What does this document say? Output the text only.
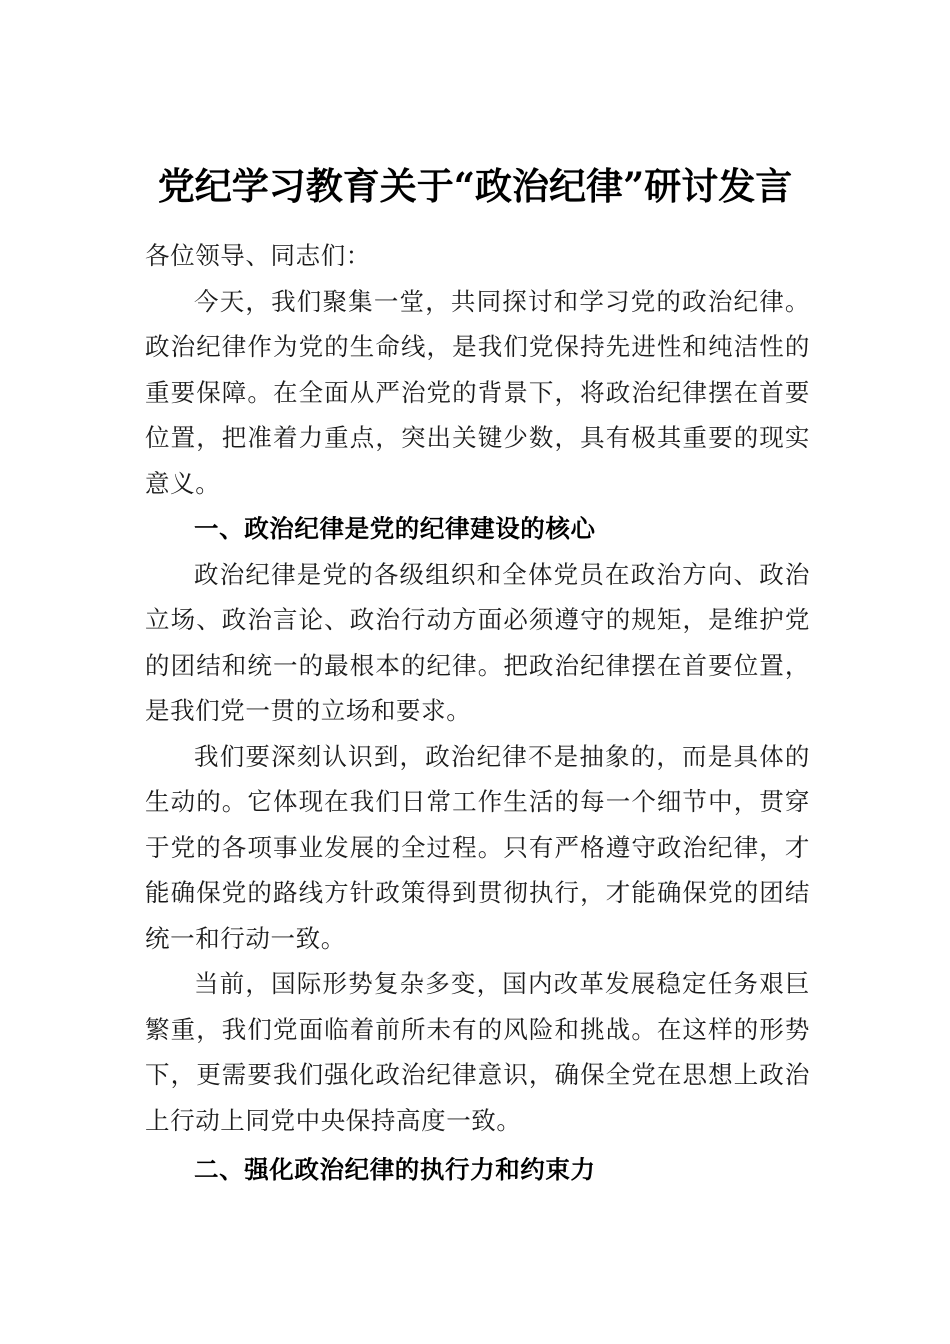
党纪学习教育关于“政治纪律”研讨发言

各位领导、同志们：

今天，我们聚集一堂，共同探讨和学习党的政治纪律。政治纪律作为党的生命线，是我们党保持先进性和纯洁性的重要保障。在全面从严治党的背景下，将政治纪律摆在首要位置，把准着力重点，突出关键少数，具有极其重要的现实意义。

一、政治纪律是党的纪律建设的核心

政治纪律是党的各级组织和全体党员在政治方向、政治立场、政治言论、政治行动方面必须遵守的规矩，是维护党的团结和统一的最根本的纪律。把政治纪律摆在首要位置，是我们党一贯的立场和要求。

我们要深刻认识到，政治纪律不是抽象的，而是具体的生动的。它体现在我们日常工作生活的每一个细节中，贯穿于党的各项事业发展的全过程。只有严格遵守政治纪律，才能确保党的路线方针政策得到贯彻执行，才能确保党的团结统一和行动一致。

当前，国际形势复杂多变，国内改革发展稳定任务艰巨繁重，我们党面临着前所未有的风险和挑战。在这样的形势下，更需要我们强化政治纪律意识，确保全党在思想上政治上行动上同党中央保持高度一致。

二、强化政治纪律的执行力和约束力
